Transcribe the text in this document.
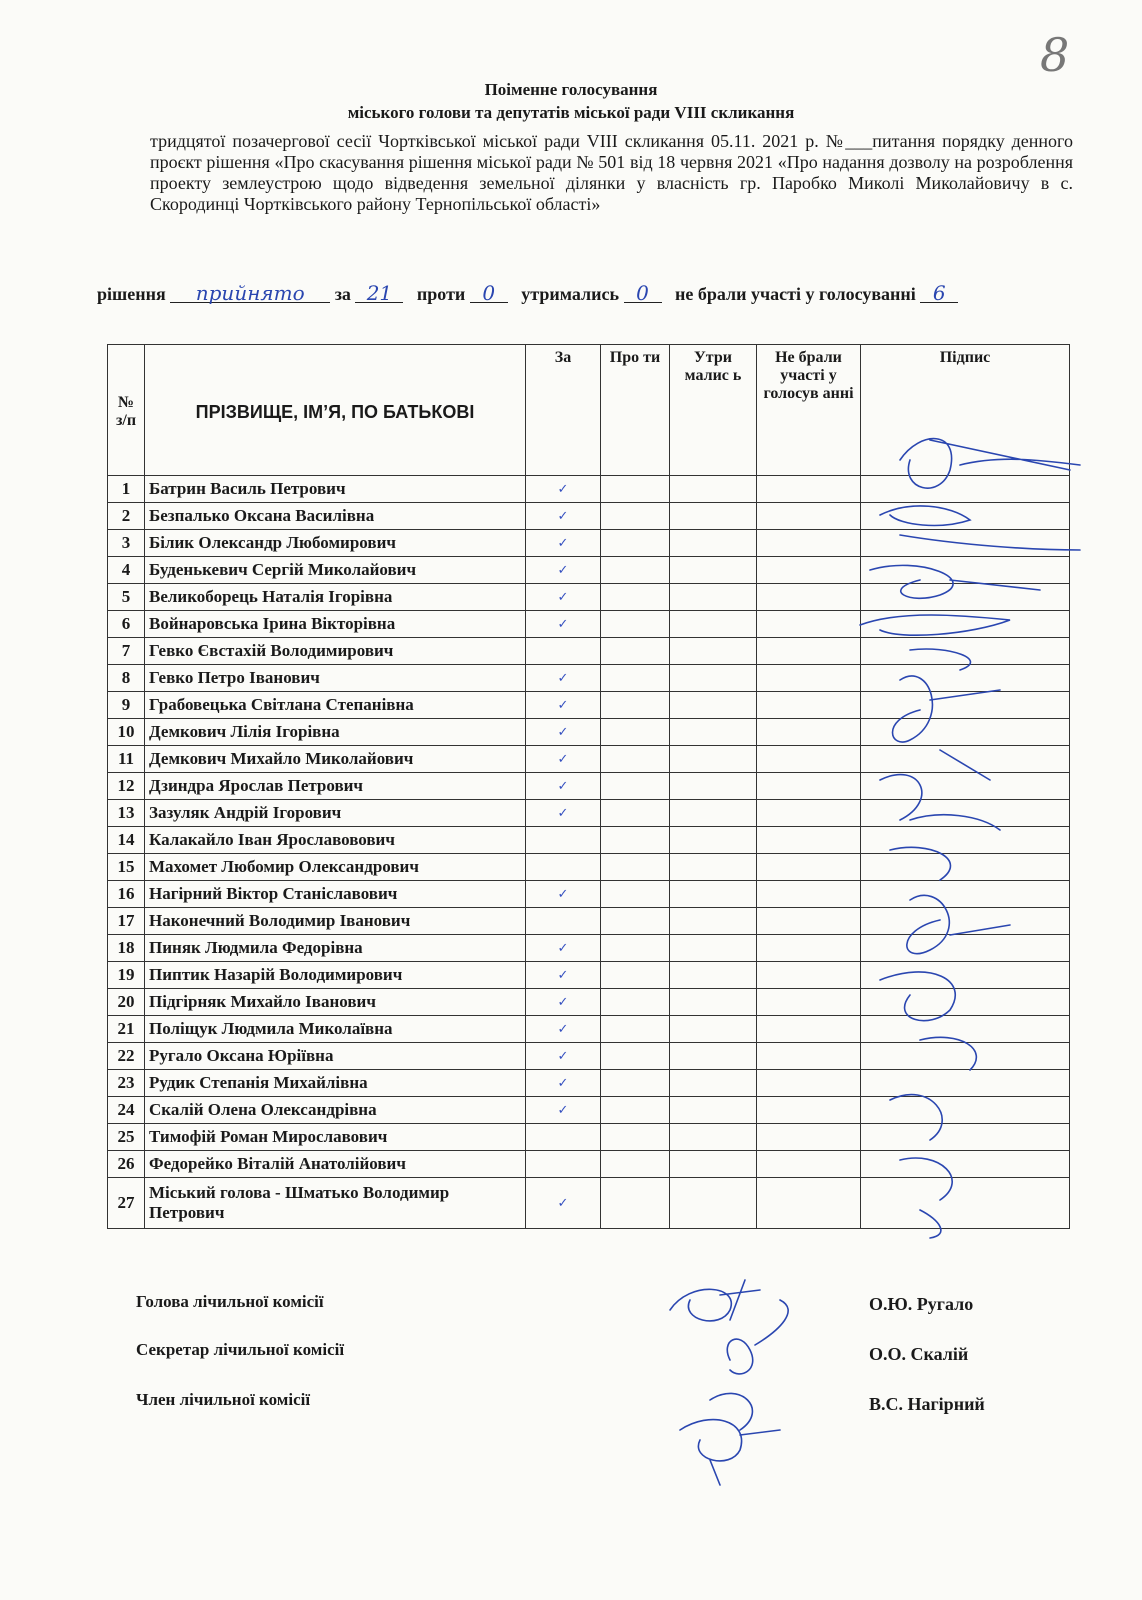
8
Поіменне голосування
міського голови та депутатів міської ради VIII скликання

тридцятої позачергової сесії Чортківської міської ради VIII скликання 05.11. 2021 р. №___питання порядку денного проєкт рішення «Про скасування рішення міської ради № 501 від 18 червня 2021 «Про надання дозволу на розроблення проекту землеустрою щодо відведення земельної ділянки у власність гр. Паробко Миколі Миколайовичу в с. Скородинці Чортківського району Тернопільської області»

рішення прийнято за 21 проти 0 утримались 0 не брали участі у голосуванні 6
№ з/п	ПРІЗВИЩЕ, ІМ’Я, ПО БАТЬКОВІ	За	Про ти	Утри малис ь	Не брали участі у голосув анні	Підпис
1	Батрин Василь Петрович	✓				
2	Безпалько Оксана Василівна	✓				
3	Білик Олександр Любомирович	✓				
4	Буденькевич Сергій Миколайович	✓				
5	Великоборець Наталія Ігорівна	✓				
6	Войнаровська Ірина Вікторівна	✓				
7	Гевко Євстахій Володимирович					
8	Гевко Петро Іванович	✓				
9	Грабовецька Світлана Степанівна	✓				
10	Демкович Лілія Ігорівна	✓				
11	Демкович Михайло Миколайович	✓				
12	Дзиндра Ярослав Петрович	✓				
13	Зазуляк Андрій Ігорович	✓				
14	Калакайло Іван Ярославовович					
15	Махомет Любомир Олександрович					
16	Нагірний Віктор Станіславович	✓				
17	Наконечний Володимир Іванович					
18	Пиняк Людмила Федорівна	✓				
19	Пиптик Назарій Володимирович	✓				
20	Підгірняк Михайло Іванович	✓				
21	Поліщук Людмила Миколаївна	✓				
22	Ругало Оксана Юріївна	✓				
23	Рудик Степанія Михайлівна	✓				
24	Скалій Олена Олександрівна	✓				
25	Тимофій Роман Мирославович					
26	Федорейко Віталій Анатолійович					
27	Міський голова - Шматько Володимир Петрович	✓				
Голова лічильної комісії
Секретар лічильної комісії
Член лічильної комісії
О.Ю. Ругало
О.О. Скалій
В.С. Нагірний
